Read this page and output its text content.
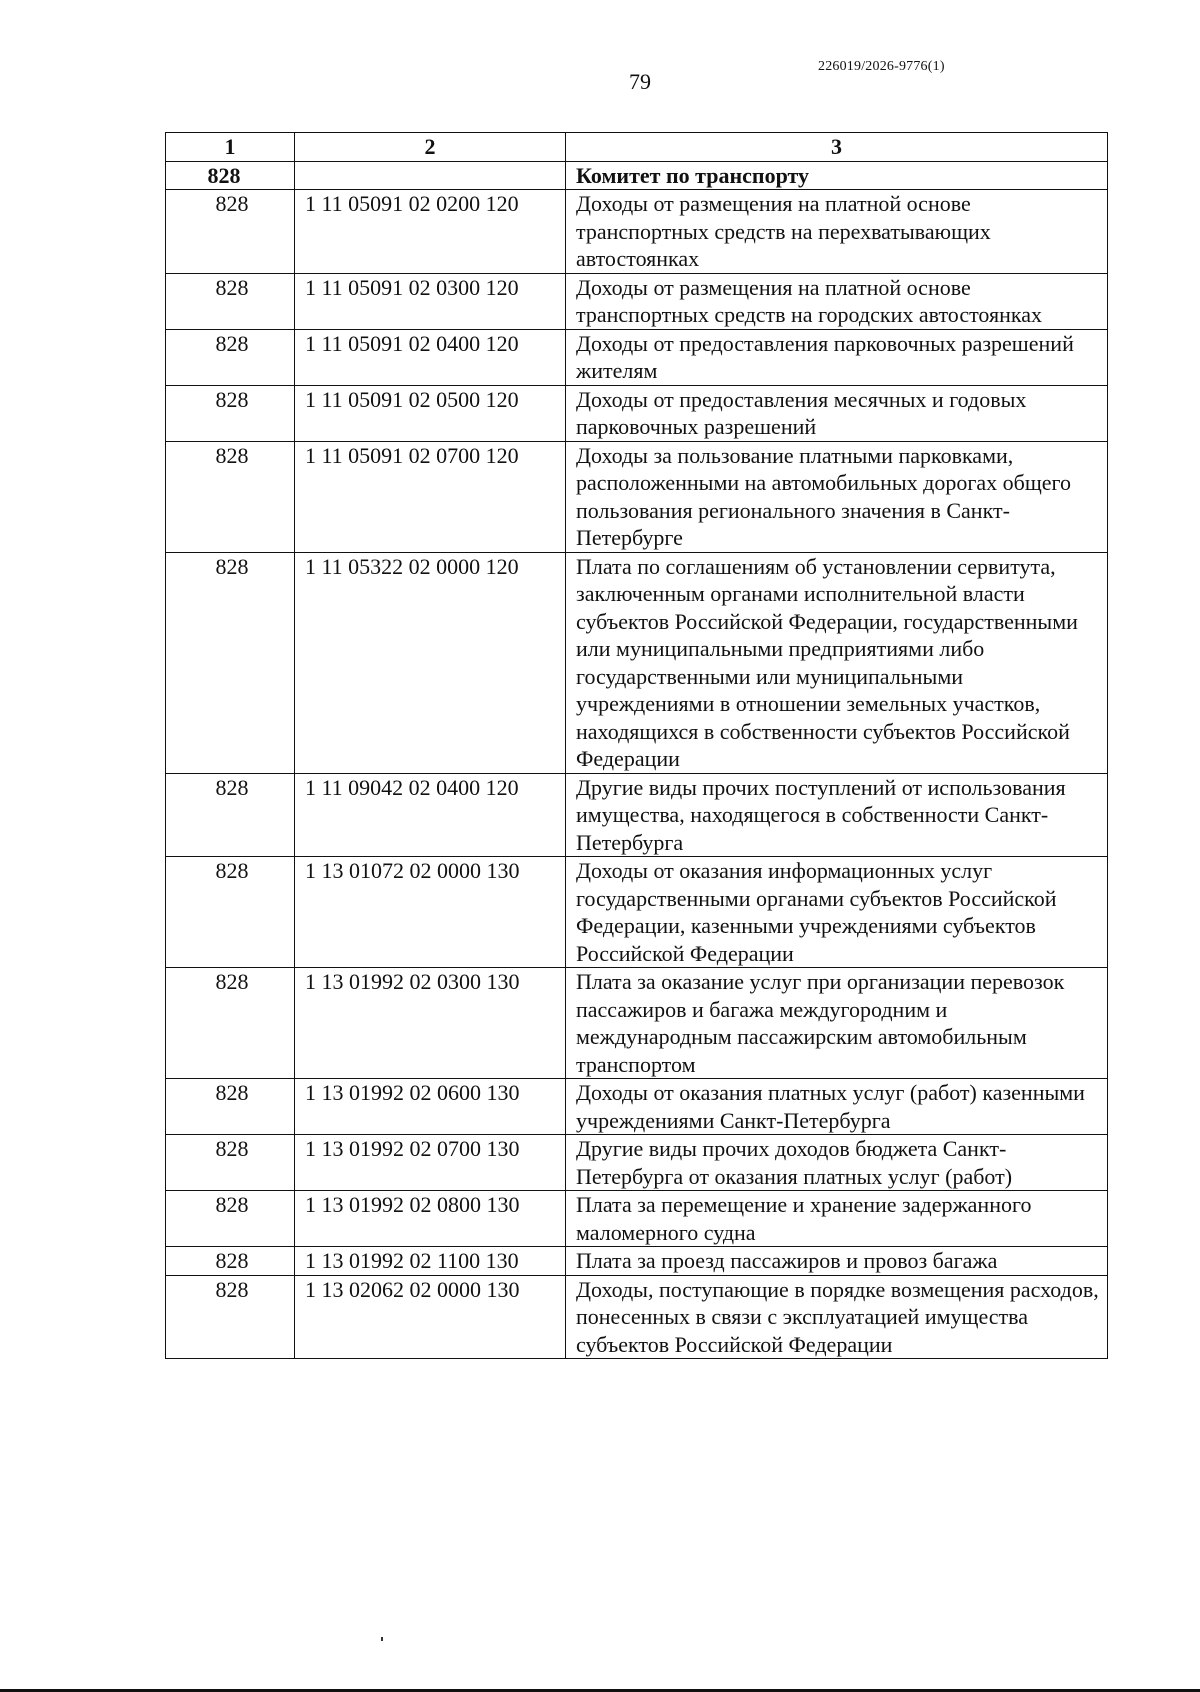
226019/2026-9776(1)
79
1	2	3
828		Комитет по транспорту
828	1 11 05091 02 0200 120	Доходы от размещения на платной основе транспортных средств на перехватывающих автостоянках
828	1 11 05091 02 0300 120	Доходы от размещения на платной основе транспортных средств на городских автостоянках
828	1 11 05091 02 0400 120	Доходы от предоставления парковочных разрешений жителям
828	1 11 05091 02 0500 120	Доходы от предоставления месячных и годовых парковочных разрешений
828	1 11 05091 02 0700 120	Доходы за пользование платными парковками, расположенными на автомобильных дорогах общего пользования регионального значения в Санкт-Петербурге
828	1 11 05322 02 0000 120	Плата по соглашениям об установлении сервитута, заключенным органами исполнительной власти субъектов Российской Федерации, государственными или муниципальными предприятиями либо государственными или муниципальными учреждениями в отношении земельных участков, находящихся в собственности субъектов Российской Федерации
828	1 11 09042 02 0400 120	Другие виды прочих поступлений от использования имущества, находящегося в собственности Санкт-Петербурга
828	1 13 01072 02 0000 130	Доходы от оказания информационных услуг государственными органами субъектов Российской Федерации, казенными учреждениями субъектов Российской Федерации
828	1 13 01992 02 0300 130	Плата за оказание услуг при организации перевозок пассажиров и багажа междугородним и международным пассажирским автомобильным транспортом
828	1 13 01992 02 0600 130	Доходы от оказания платных услуг (работ) казенными учреждениями Санкт-Петербурга
828	1 13 01992 02 0700 130	Другие виды прочих доходов бюджета Санкт-Петербурга от оказания платных услуг (работ)
828	1 13 01992 02 0800 130	Плата за перемещение и хранение задержанного маломерного судна
828	1 13 01992 02 1100 130	Плата за проезд пассажиров и провоз багажа
828	1 13 02062 02 0000 130	Доходы, поступающие в порядке возмещения расходов, понесенных в связи с эксплуатацией имущества субъектов Российской Федерации
